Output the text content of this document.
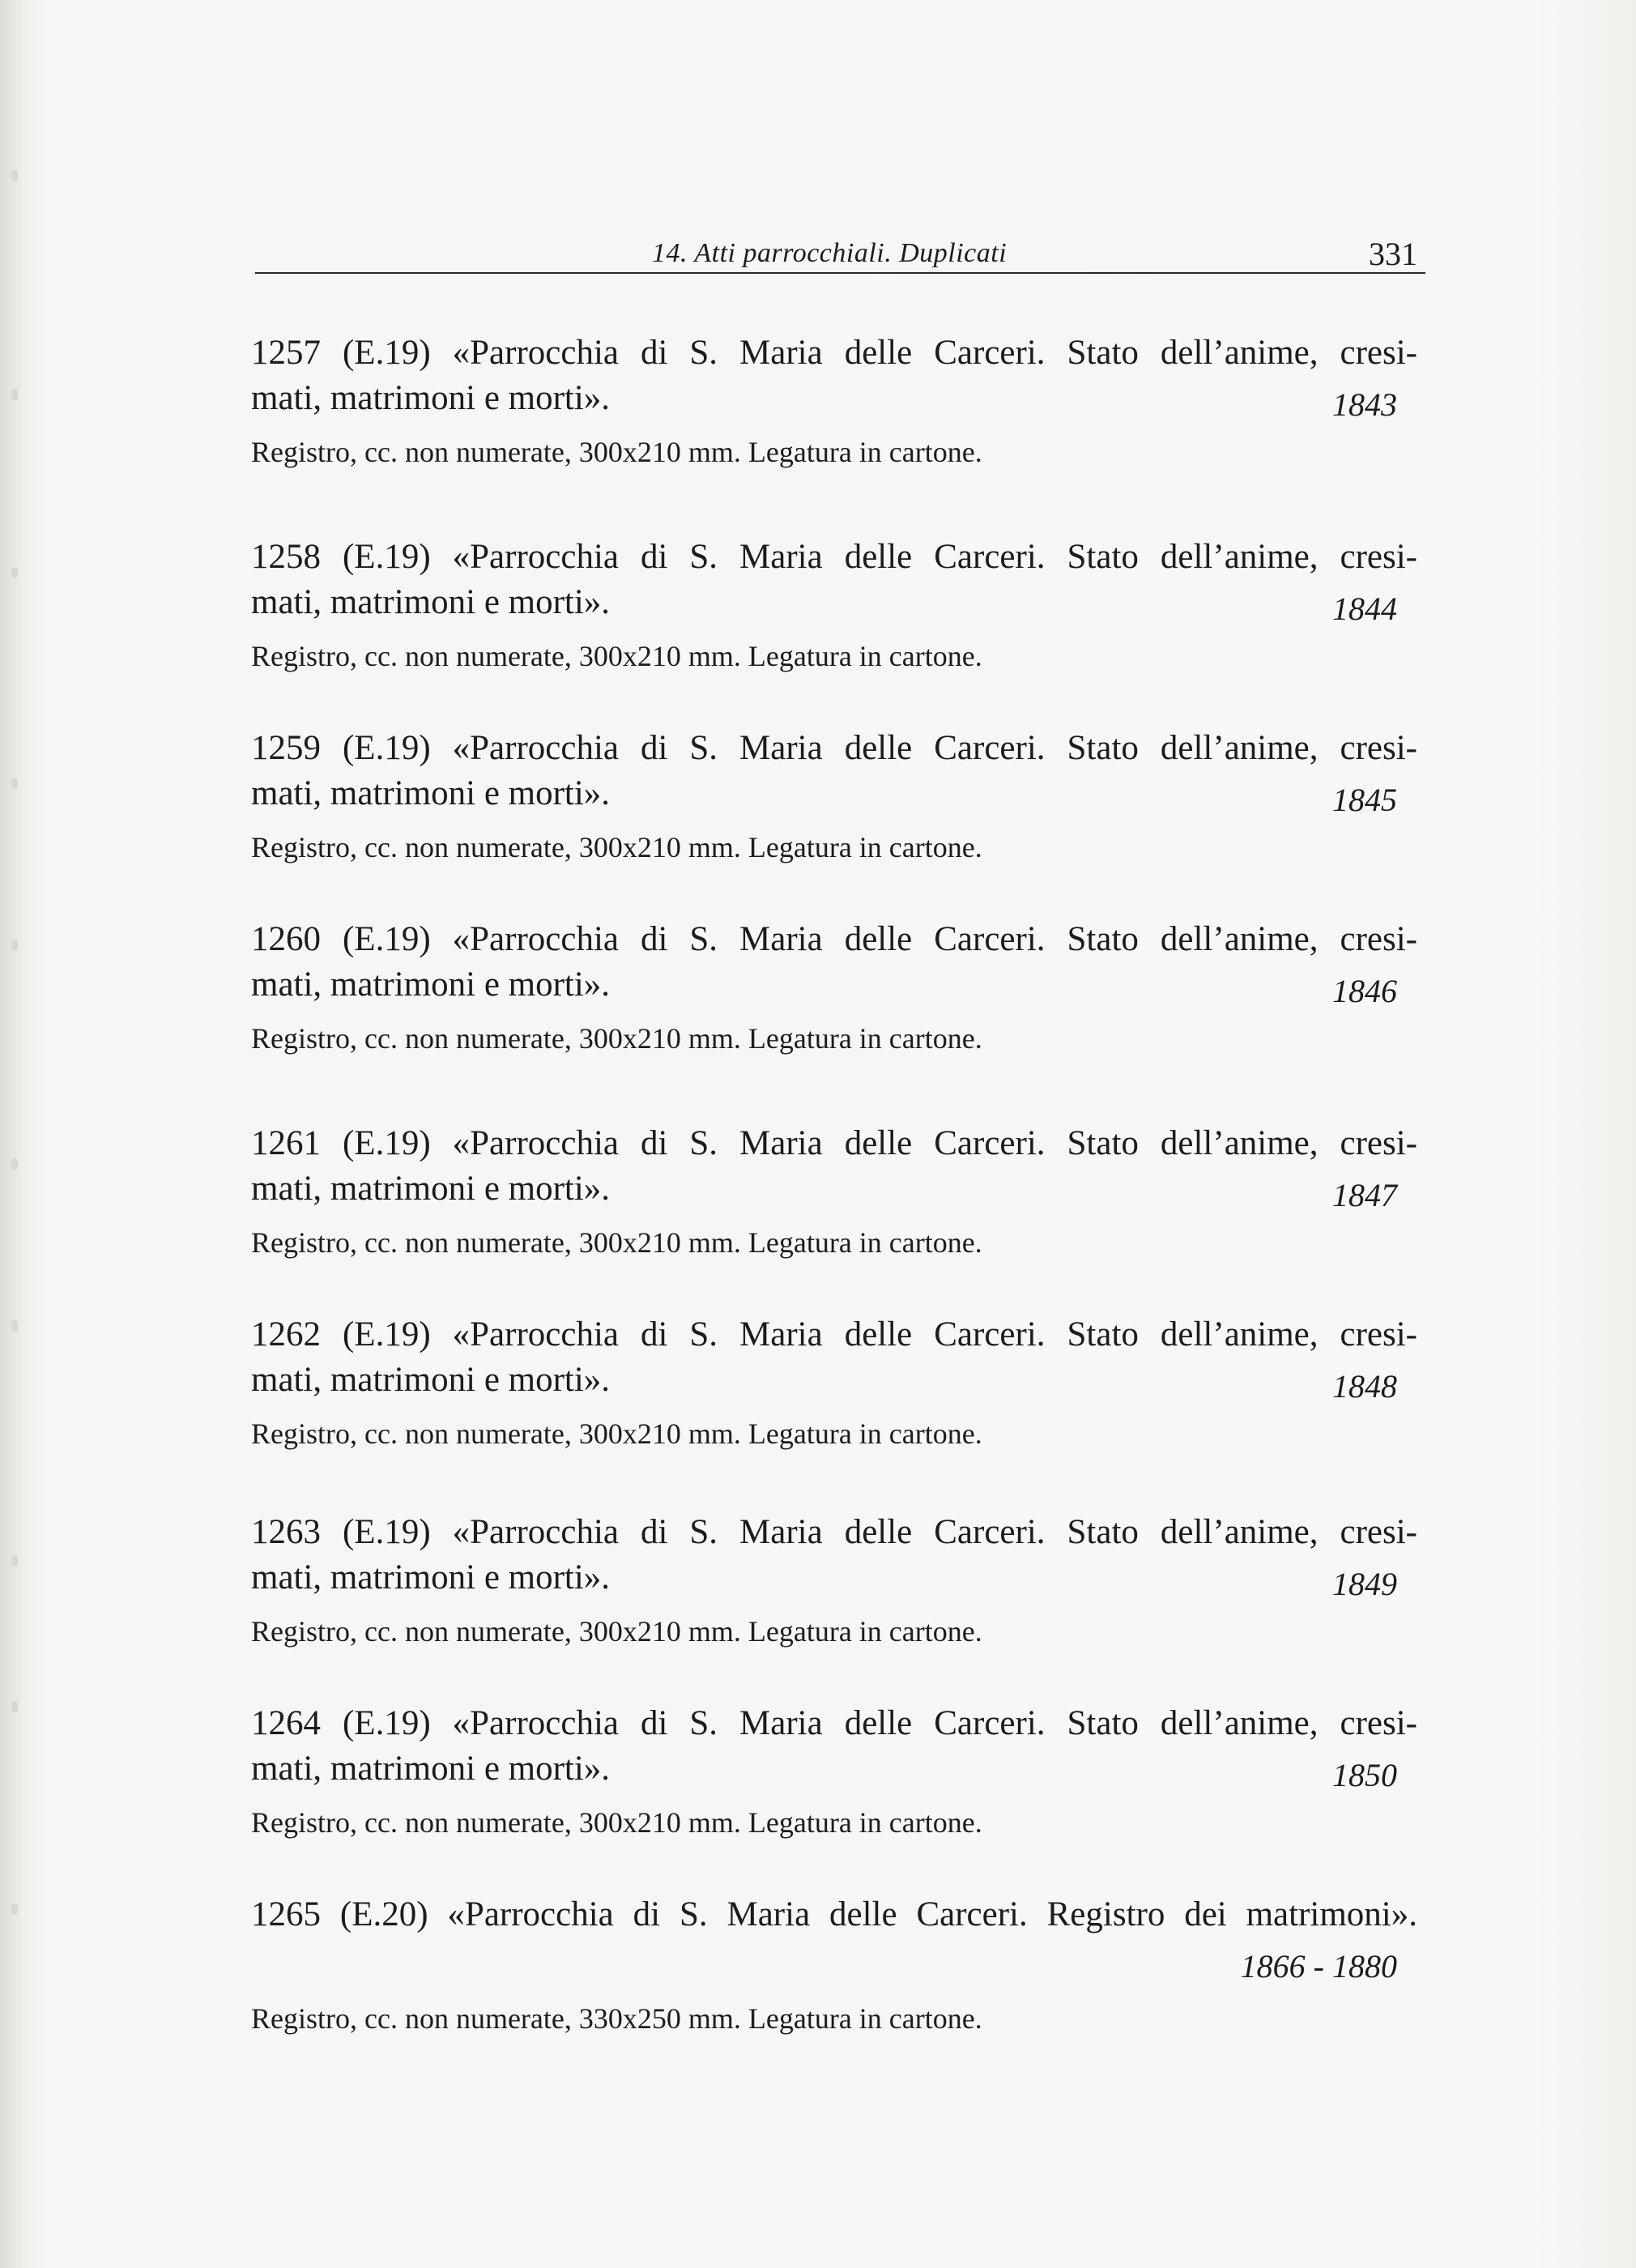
14. Atti parrocchiali. Duplicati	331
1257 (E.19) «Parrocchia di S. Maria delle Carceri. Stato dell’anime, cresi-
mati, matrimoni e morti».	1843
Registro, cc. non numerate, 300x210 mm. Legatura in cartone.
1258 (E.19) «Parrocchia di S. Maria delle Carceri. Stato dell’anime, cresi-
mati, matrimoni e morti».	1844
Registro, cc. non numerate, 300x210 mm. Legatura in cartone.
1259 (E.19) «Parrocchia di S. Maria delle Carceri. Stato dell’anime, cresi-
mati, matrimoni e morti».	1845
Registro, cc. non numerate, 300x210 mm. Legatura in cartone.
1260 (E.19) «Parrocchia di S. Maria delle Carceri. Stato dell’anime, cresi-
mati, matrimoni e morti».	1846
Registro, cc. non numerate, 300x210 mm. Legatura in cartone.
1261 (E.19) «Parrocchia di S. Maria delle Carceri. Stato dell’anime, cresi-
mati, matrimoni e morti».	1847
Registro, cc. non numerate, 300x210 mm. Legatura in cartone.
1262 (E.19) «Parrocchia di S. Maria delle Carceri. Stato dell’anime, cresi-
mati, matrimoni e morti».	1848
Registro, cc. non numerate, 300x210 mm. Legatura in cartone.
1263 (E.19) «Parrocchia di S. Maria delle Carceri. Stato dell’anime, cresi-
mati, matrimoni e morti».	1849
Registro, cc. non numerate, 300x210 mm. Legatura in cartone.
1264 (E.19) «Parrocchia di S. Maria delle Carceri. Stato dell’anime, cresi-
mati, matrimoni e morti».	1850
Registro, cc. non numerate, 300x210 mm. Legatura in cartone.
1265 (E.20) «Parrocchia di S. Maria delle Carceri. Registro dei matrimoni».
1866 - 1880
Registro, cc. non numerate, 330x250 mm. Legatura in cartone.
